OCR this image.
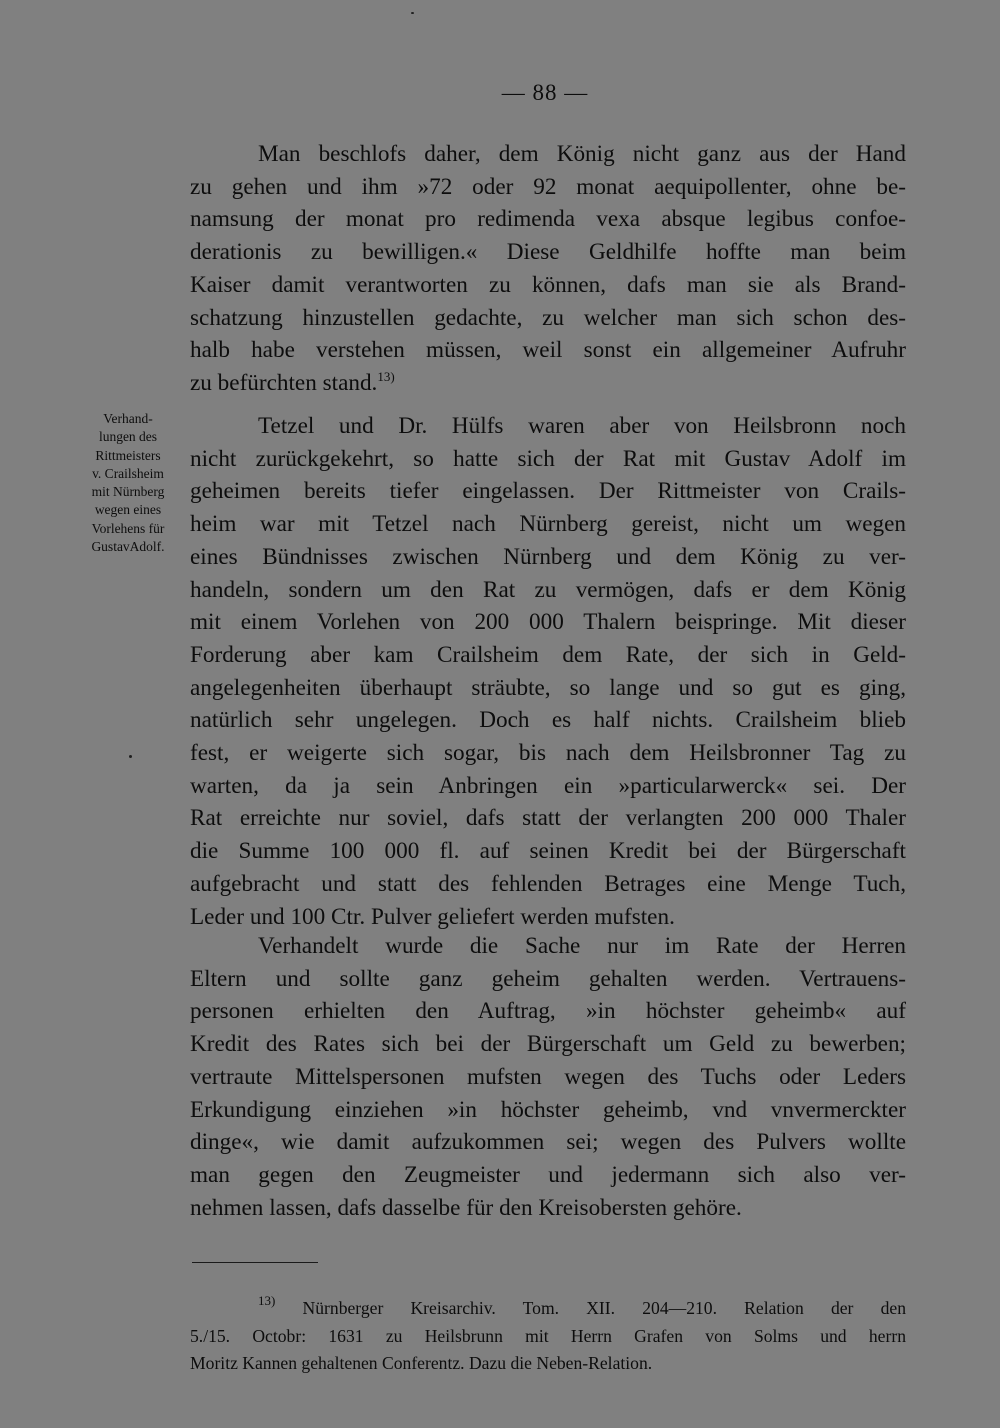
— 88 —
Man beschlofs daher, dem König nicht ganz aus der Hand
zu gehen und ihm »72 oder 92 monat aequipollenter, ohne be-
namsung der monat pro redimenda vexa absque legibus confoe-
derationis zu bewilligen.« Diese Geldhilfe hoffte man beim
Kaiser damit verantworten zu können, dafs man sie als Brand-
schatzung hinzustellen gedachte, zu welcher man sich schon des-
halb habe verstehen müssen, weil sonst ein allgemeiner Aufruhr
zu befürchten stand.$^{13)}$
Verhand-
lungen des
Rittmeisters
v. Crailsheim
mit Nürnberg
wegen eines
Vorlehens für
GustavAdolf.
Tetzel und Dr. Hülfs waren aber von Heilsbronn noch
nicht zurückgekehrt, so hatte sich der Rat mit Gustav Adolf im
geheimen bereits tiefer eingelassen. Der Rittmeister von Crails-
heim war mit Tetzel nach Nürnberg gereist, nicht um wegen
eines Bündnisses zwischen Nürnberg und dem König zu ver-
handeln, sondern um den Rat zu vermögen, dafs er dem König
mit einem Vorlehen von 200 000 Thalern beispringe. Mit dieser
Forderung aber kam Crailsheim dem Rate, der sich in Geld-
angelegenheiten überhaupt sträubte, so lange und so gut es ging,
natürlich sehr ungelegen. Doch es half nichts. Crailsheim blieb
fest, er weigerte sich sogar, bis nach dem Heilsbronner Tag zu
warten, da ja sein Anbringen ein »particularwerck« sei. Der
Rat erreichte nur soviel, dafs statt der verlangten 200 000 Thaler
die Summe 100 000 fl. auf seinen Kredit bei der Bürgerschaft
aufgebracht und statt des fehlenden Betrages eine Menge Tuch,
Leder und 100 Ctr. Pulver geliefert werden mufsten.
Verhandelt wurde die Sache nur im Rate der Herren
Eltern und sollte ganz geheim gehalten werden. Vertrauens-
personen erhielten den Auftrag, »in höchster geheimb« auf
Kredit des Rates sich bei der Bürgerschaft um Geld zu bewerben;
vertraute Mittelspersonen mufsten wegen des Tuchs oder Leders
Erkundigung einziehen »in höchster geheimb, vnd vnvermerckter
dinge«, wie damit aufzukommen sei; wegen des Pulvers wollte
man gegen den Zeugmeister und jedermann sich also ver-
nehmen lassen, dafs dasselbe für den Kreisobersten gehöre.
$^{13)}$ Nürnberger Kreisarchiv. Tom. XII. 204—210. Relation der den
5./15. Octobr: 1631 zu Heilsbrunn mit Herrn Grafen von Solms und herrn
Moritz Kannen gehaltenen Conferentz. Dazu die Neben-Relation.
